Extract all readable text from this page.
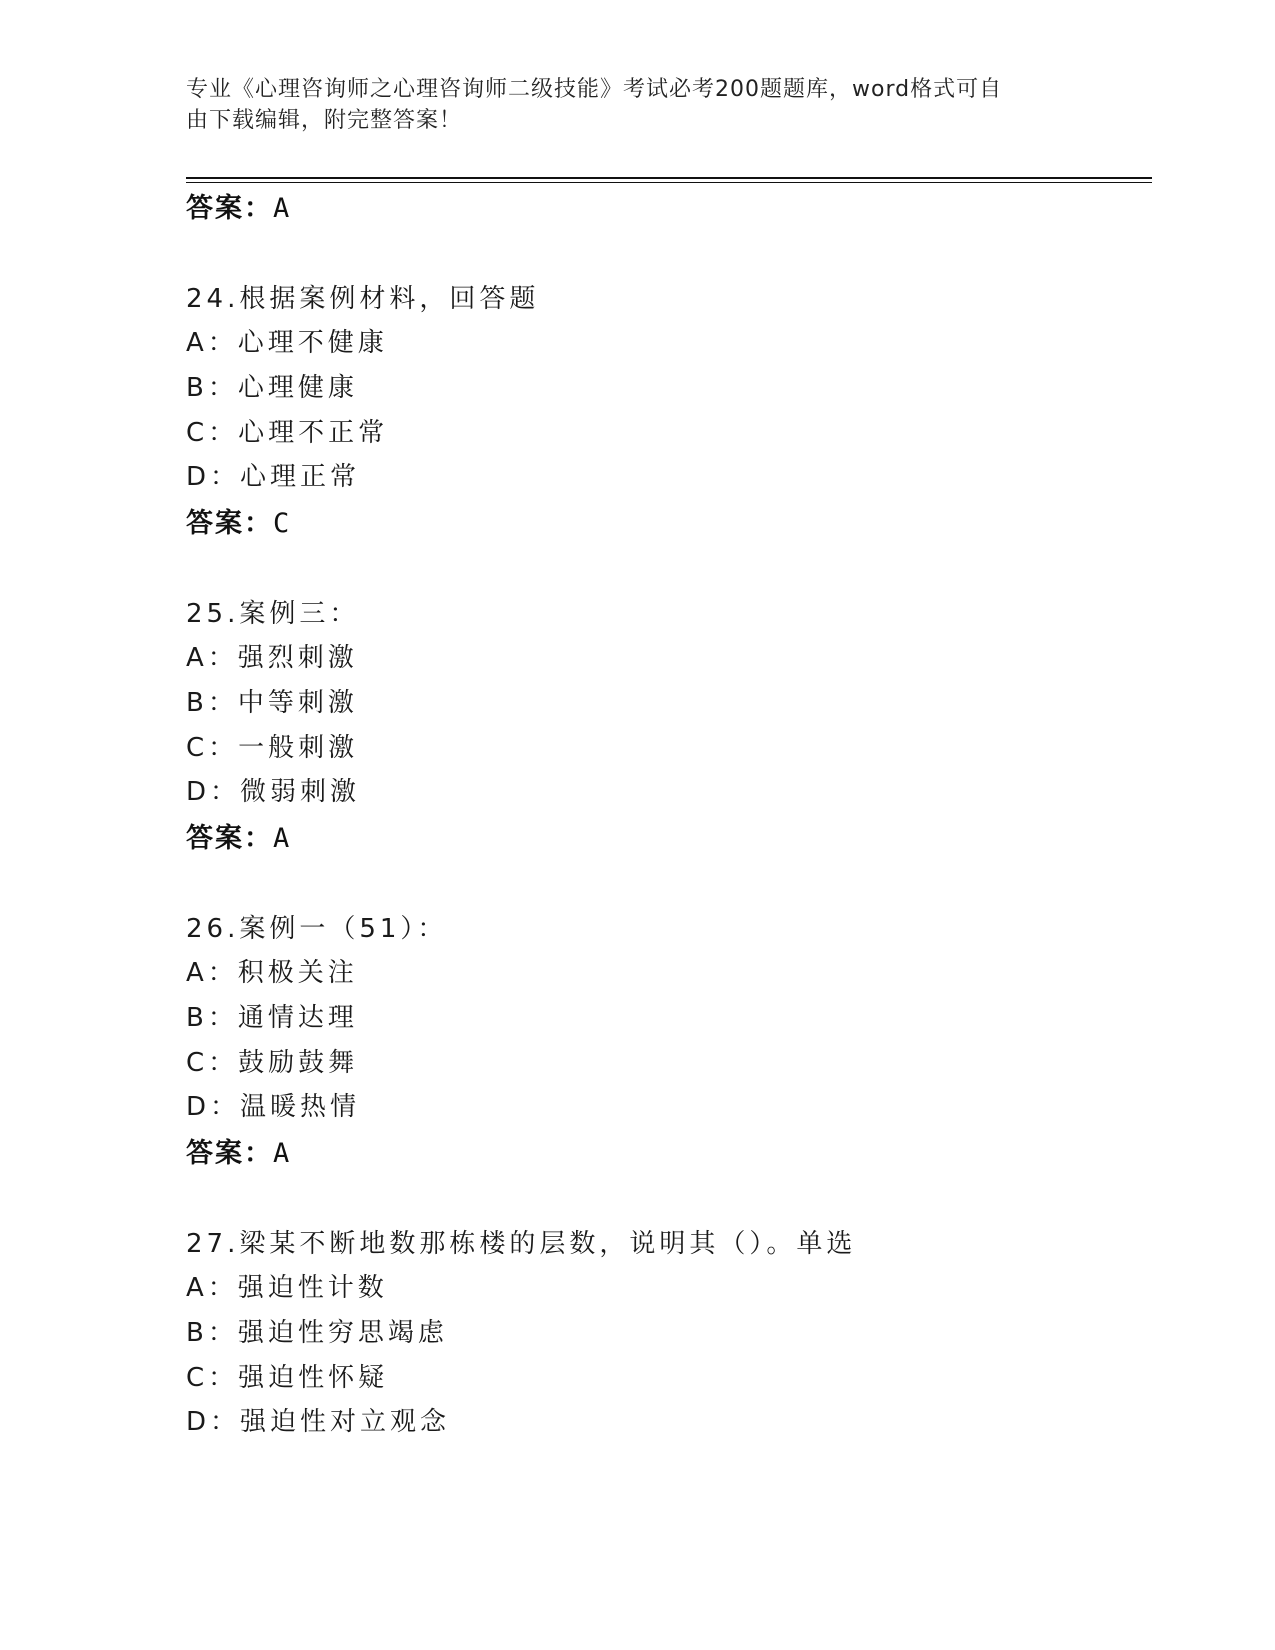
专业《心理咨询师之心理咨询师二级技能》考试必考200题题库，word格式可自
由下载编辑，附完整答案！
答案：A
24.根据案例材料，回答题
A：心理不健康
B：心理健康
C：心理不正常
D：心理正常
答案：C
25.案例三：
A：强烈刺激
B：中等刺激
C：一般刺激
D：微弱刺激
答案：A
26.案例一（51）：
A：积极关注
B：通情达理
C：鼓励鼓舞
D：温暖热情
答案：A
27.梁某不断地数那栋楼的层数，说明其（）。单选
A：强迫性计数
B：强迫性穷思竭虑
C：强迫性怀疑
D：强迫性对立观念
